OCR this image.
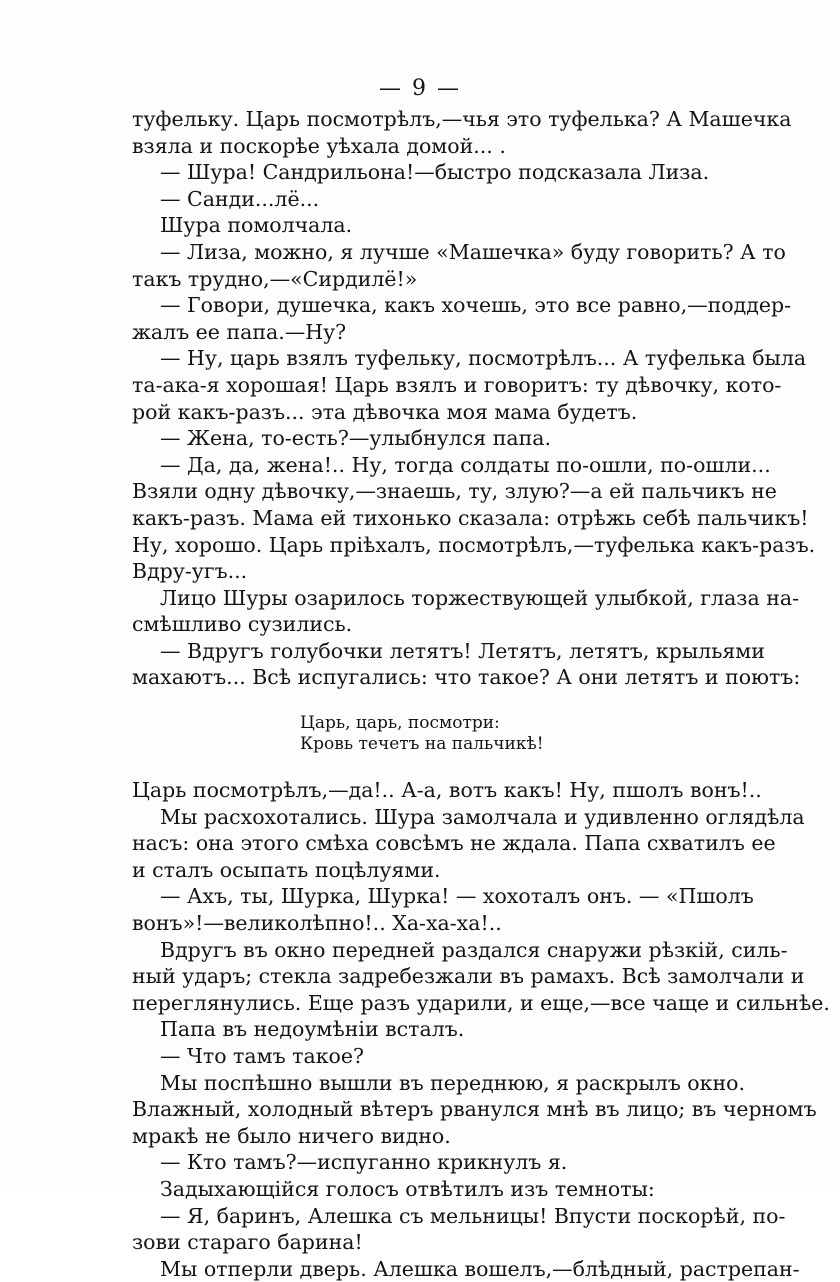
— 9 —
туфельку. Царь посмотрѣлъ,—чья это туфелька? А Машечка
взяла и поскорѣе уѣхала домой... .
— Шура! Сандрильона!—быстро подсказала Лиза.
— Санди...лё...
Шура помолчала.
— Лиза, можно, я лучше «Машечка» буду говорить? А то
такъ трудно,—«Сирдилё!»
— Говори, душечка, какъ хочешь, это все равно,—поддер-
жалъ ее папа.—Ну?
— Ну, царь взялъ туфельку, посмотрѣлъ... А туфелька была
та-ака-я хорошая! Царь взялъ и говоритъ: ту дѣвочку, кото-
рой какъ-разъ... эта дѣвочка моя мама будетъ.
— Жена, то-есть?—улыбнулся папа.
— Да, да, жена!.. Ну, тогда солдаты по-ошли, по-ошли...
Взяли одну дѣвочку,—знаешь, ту, злую?—а ей пальчикъ не
какъ-разъ. Мама ей тихонько сказала: отрѣжь себѣ пальчикъ!
Ну, хорошо. Царь пріѣхалъ, посмотрѣлъ,—туфелька какъ-разъ.
Вдру-угъ...
Лицо Шуры озарилось торжествующей улыбкой, глаза на-
смѣшливо сузились.
— Вдругъ голубочки летятъ! Летятъ, летятъ, крыльями
махаютъ... Всѣ испугались: что такое? А они летятъ и поютъ:
Царь, царь, посмотри:
Кровь течетъ на пальчикѣ!
Царь посмотрѣлъ,—да!.. А-а, вотъ какъ! Ну, пшолъ вонъ!..
Мы расхохотались. Шура замолчала и удивленно оглядѣла
насъ: она этого смѣха совсѣмъ не ждала. Папа схватилъ ее
и сталъ осыпать поцѣлуями.
— Ахъ, ты, Шурка, Шурка! — хохоталъ онъ. — «Пшолъ
вонъ»!—великолѣпно!.. Ха-ха-ха!..
Вдругъ въ окно передней раздался снаружи рѣзкій, силь-
ный ударъ; стекла задребезжали въ рамахъ. Всѣ замолчали и
переглянулись. Еще разъ ударили, и еще,—все чаще и сильнѣе.
Папа въ недоумѣніи всталъ.
— Что тамъ такое?
Мы поспѣшно вышли въ переднюю, я раскрылъ окно.
Влажный, холодный вѣтеръ рванулся мнѣ въ лицо; въ черномъ
мракѣ не было ничего видно.
— Кто тамъ?—испуганно крикнулъ я.
Задыхающійся голосъ отвѣтилъ изъ темноты:
— Я, баринъ, Алешка съ мельницы! Впусти поскорѣй, по-
зови стараго барина!
Мы отперли дверь. Алешка вошелъ,—блѣдный, растрепан-
